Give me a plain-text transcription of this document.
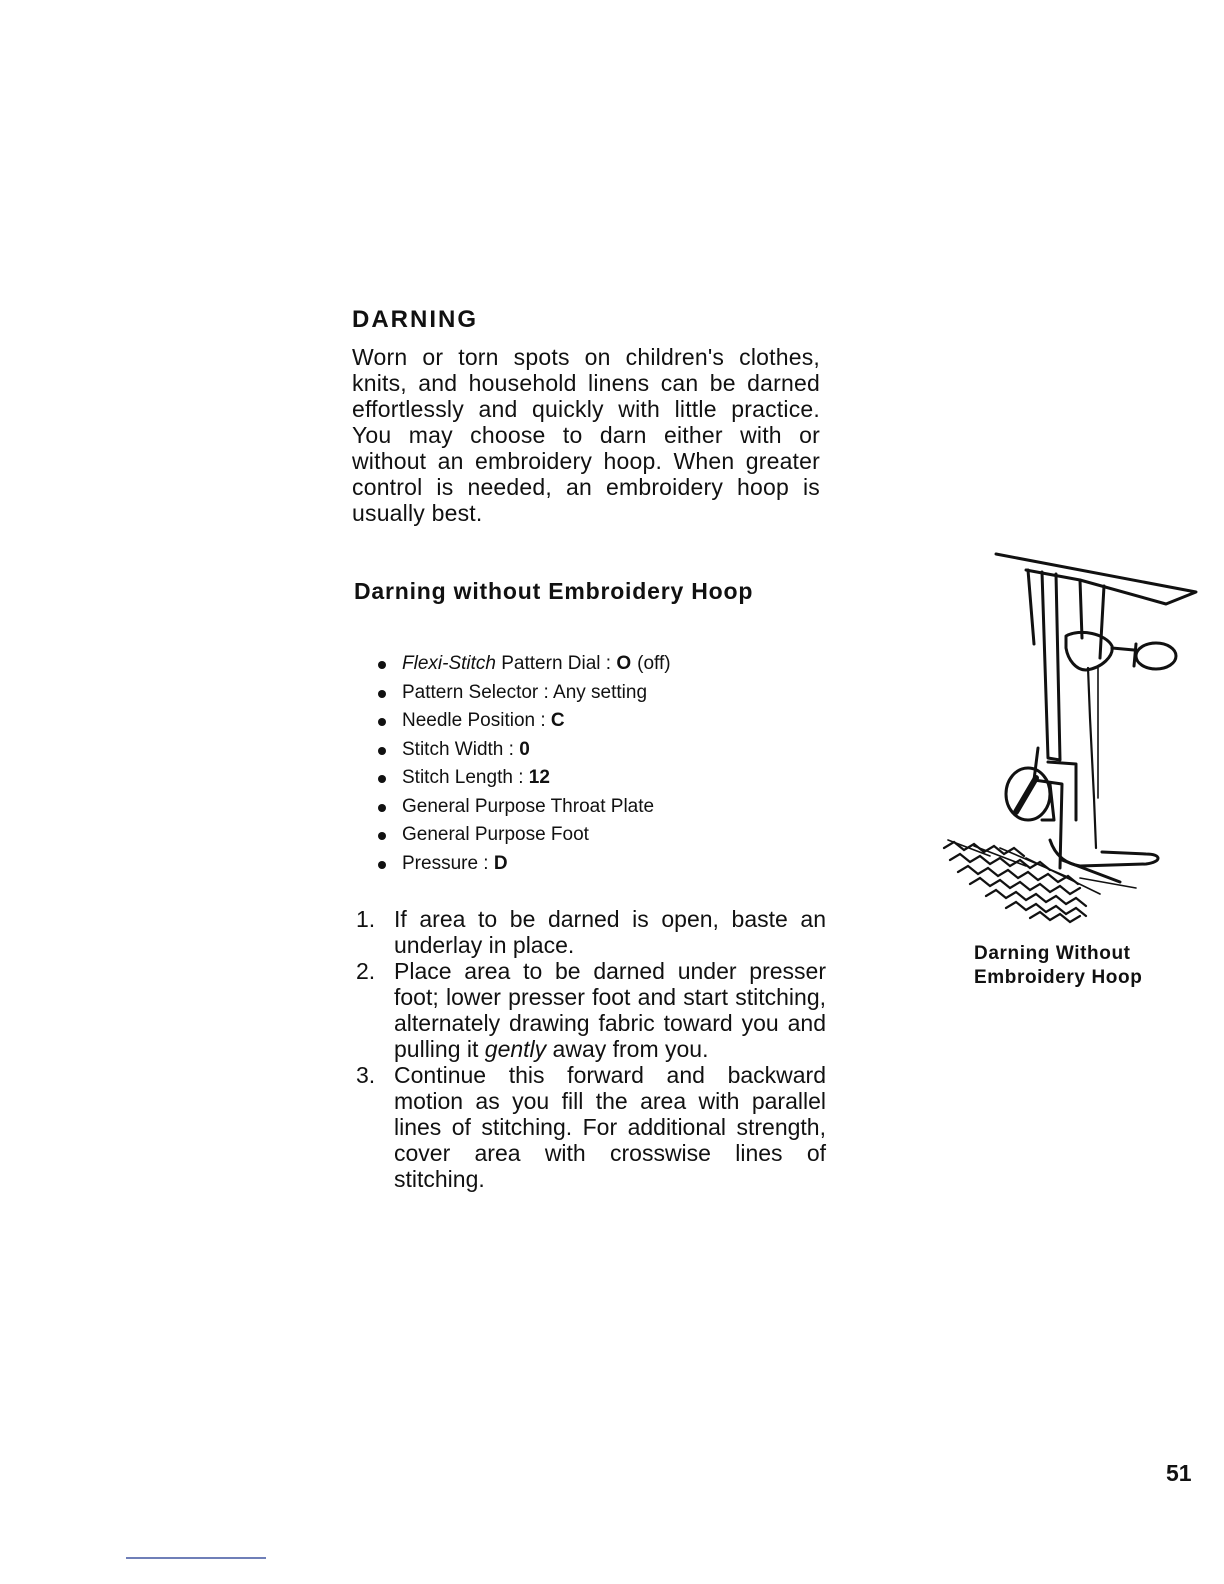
DARNING

Worn or torn spots on children's clothes, knits, and household linens can be darned effortlessly and quickly with little practice. You may choose to darn either with or without an embroidery hoop. When greater control is needed, an embroidery hoop is usually best.

Darning without Embroidery Hoop
Flexi-Stitch Pattern Dial : O (off)
Pattern Selector : Any setting
Needle Position : C
Stitch Width : 0
Stitch Length : 12
General Purpose Throat Plate
General Purpose Foot
Pressure : D
1. If area to be darned is open, baste an underlay in place.
2. Place area to be darned under presser foot; lower presser foot and start stitching, alternately drawing fabric toward you and pulling it gently away from you.
3. Continue this forward and backward motion as you fill the area with parallel lines of stitching. For additional strength, cover area with crosswise lines of stitching.

Darning Without
Embroidery Hoop

51
